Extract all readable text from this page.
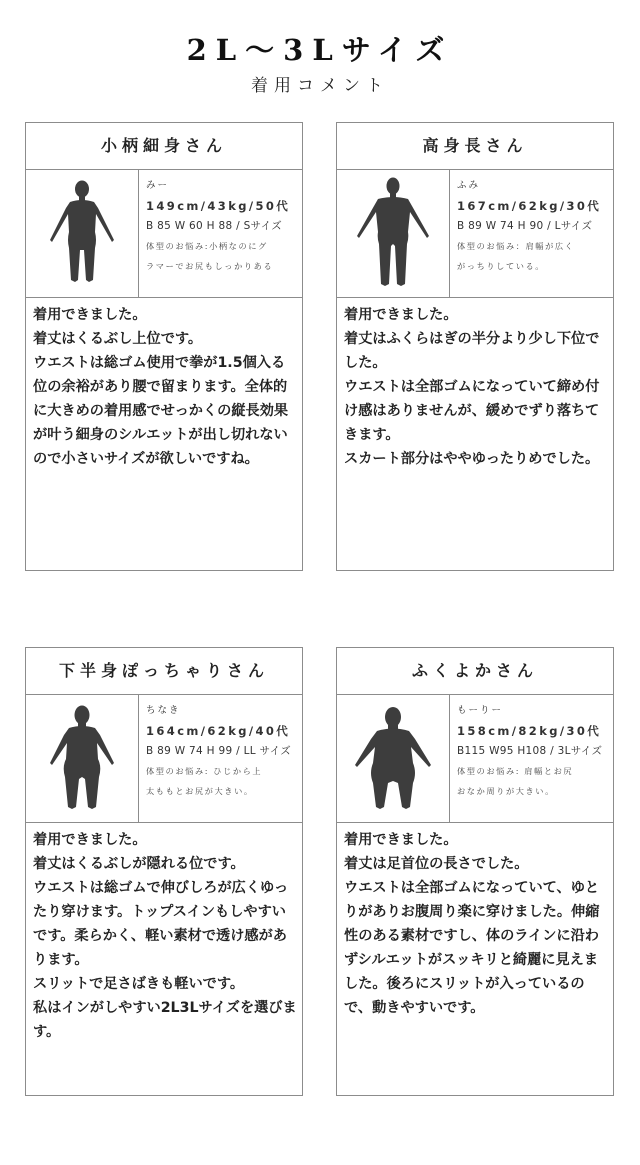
2L～3Lサイズ
着用コメント
小柄細身さん
みー
149cm/43kg/50代
B 85 W 60 H 88 / Sサイズ
体型のお悩み:小柄なのにグ
ラマーでお尻もしっかりある
着用できました。
着丈はくるぶし上位です。
ウエストは総ゴム使用で拳が1.5個入る位の余裕があり腰で留まります。全体的に大きめの着用感でせっかくの縦長効果が叶う細身のシルエットが出し切れないので小さいサイズが欲しいですね。
高身長さん
ふみ
167cm/62kg/30代
B 89 W 74 H 90 / Lサイズ
体型のお悩み：肩幅が広く
がっちりしている。
着用できました。
着丈はふくらはぎの半分より少し下位でした。
ウエストは全部ゴムになっていて締め付け感はありませんが、緩めでずり落ちてきます。
スカート部分はややゆったりめでした。
下半身ぽっちゃりさん
ちなき
164cm/62kg/40代
B 89 W 74 H 99 / LL サイズ
体型のお悩み: ひじから上
太ももとお尻が大きい。
着用できました。
着丈はくるぶしが隠れる位です。
ウエストは総ゴムで伸びしろが広くゆったり穿けます。トップスインもしやすいです。柔らかく、軽い素材で透け感があります。
スリットで足さばきも軽いです。
私はインがしやすい2L3Lサイズを選びます。
ふくよかさん
もーりー
158cm/82kg/30代
B115 W95 H108 / 3Lサイズ
体型のお悩み: 肩幅とお尻
おなか周りが大きい。
着用できました。
着丈は足首位の長さでした。
ウエストは全部ゴムになっていて、ゆとりがありお腹周り楽に穿けました。伸縮性のある素材ですし、体のラインに沿わずシルエットがスッキリと綺麗に見えました。後ろにスリットが入っているので、動きやすいです。
